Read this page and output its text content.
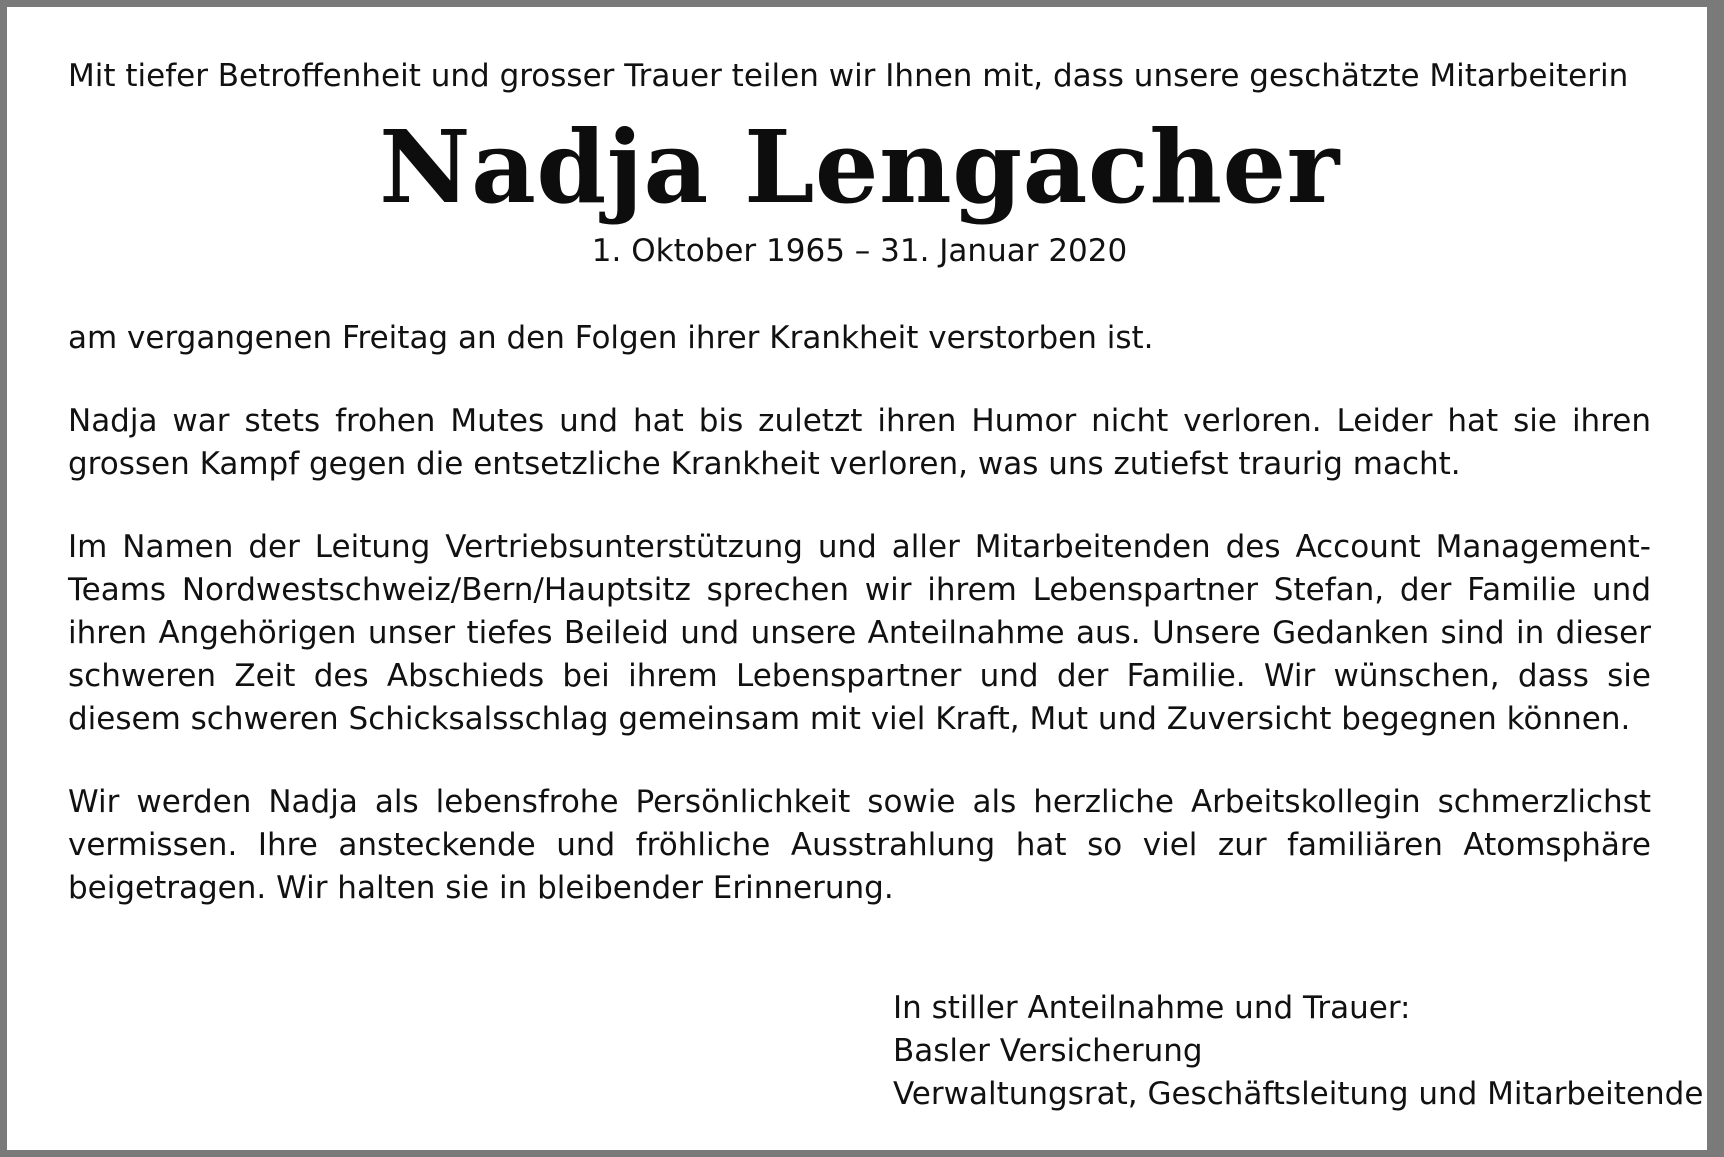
Mit tiefer Betroffenheit und grosser Trauer teilen wir Ihnen mit, dass unsere geschätzte Mitarbeiterin

Nadja Lengacher

1. Oktober 1965 – 31. Januar 2020

am vergangenen Freitag an den Folgen ihrer Krankheit verstorben ist.

Nadja war stets frohen Mutes und hat bis zuletzt ihren Humor nicht verloren. Leider hat sie ihren grossen Kampf gegen die entsetzliche Krankheit verloren, was uns zutiefst traurig macht.

Im Namen der Leitung Vertriebsunterstützung und aller Mitarbeitenden des Account Management-Teams Nordwestschweiz/Bern/Hauptsitz sprechen wir ihrem Lebenspartner Stefan, der Familie und ihren Angehörigen unser tiefes Beileid und unsere Anteilnahme aus. Unsere Gedanken sind in dieser schweren Zeit des Abschieds bei ihrem Lebenspartner und der Familie. Wir wünschen, dass sie diesem schweren Schicksalsschlag gemeinsam mit viel Kraft, Mut und Zuversicht begegnen können.

Wir werden Nadja als lebensfrohe Persönlichkeit sowie als herzliche Arbeitskollegin schmerzlichst vermissen. Ihre ansteckende und fröhliche Ausstrahlung hat so viel zur familiären Atomsphäre beigetragen. Wir halten sie in bleibender Erinnerung.

In stiller Anteilnahme und Trauer:
Basler Versicherung
Verwaltungsrat, Geschäftsleitung und Mitarbeitende
